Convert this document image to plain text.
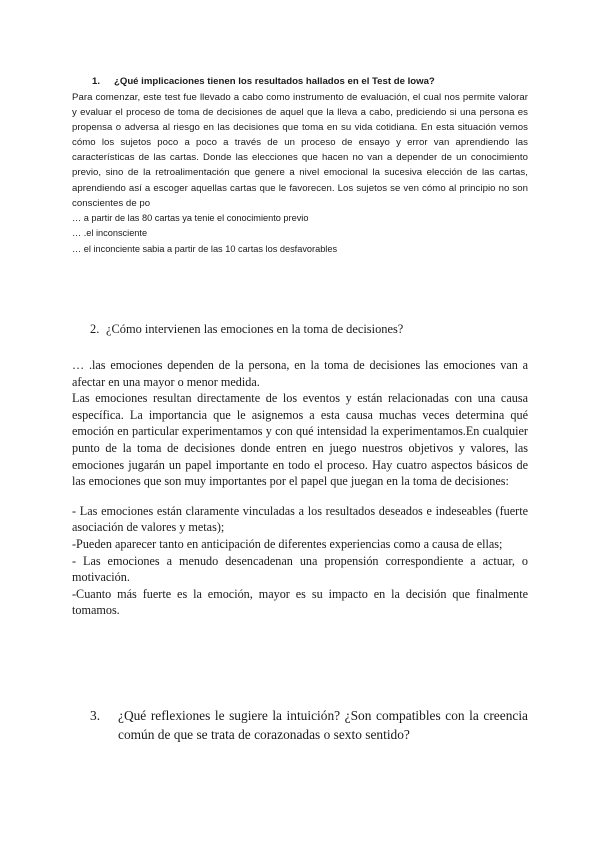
1.	¿Qué implicaciones tienen los resultados hallados en el Test de Iowa?

Para comenzar, este test fue llevado a cabo como instrumento de evaluación, el cual nos permite valorar y evaluar el proceso de toma de decisiones de aquel que la lleva a cabo, prediciendo si una persona es propensa o adversa al riesgo en las decisiones que toma en su vida cotidiana. En esta situación vemos cómo los sujetos poco a poco a través de un proceso de ensayo y error van aprendiendo las características de las cartas. Donde las elecciones que hacen no van a depender de un conocimiento previo, sino de la retroalimentación que genere a nivel emocional la sucesiva elección de las cartas, aprendiendo así a escoger aquellas cartas que le favorecen. Los sujetos se ven cómo al principio no son conscientes de po

… a partir de las 80 cartas ya tenie el conocimiento previo

… .el inconsciente

… el inconciente sabia a partir de las 10 cartas los desfavorables

2. ¿Cómo intervienen las emociones en la toma de decisiones?

… .las emociones dependen de la persona, en la toma de decisiones las emociones van a afectar en una mayor o menor medida.

Las emociones resultan directamente de los eventos y están relacionadas con una causa específica. La importancia que le asignemos a esta causa muchas veces determina qué emoción en particular experimentamos y con qué intensidad la experimentamos.En cualquier punto de la toma de decisiones donde entren en juego nuestros objetivos y valores, las emociones jugarán un papel importante en todo el proceso. Hay cuatro aspectos básicos de las emociones que son muy importantes por el papel que juegan en la toma de decisiones:

- Las emociones están claramente vinculadas a los resultados deseados e indeseables (fuerte asociación de valores y metas);

-Pueden aparecer tanto en anticipación de diferentes experiencias como a causa de ellas;

- Las emociones a menudo desencadenan una propensión correspondiente a actuar, o motivación.

-Cuanto más fuerte es la emoción, mayor es su impacto en la decisión que finalmente tomamos.

3.	¿Qué reflexiones le sugiere la intuición? ¿Son compatibles con la creencia común de que se trata de corazonadas o sexto sentido?
